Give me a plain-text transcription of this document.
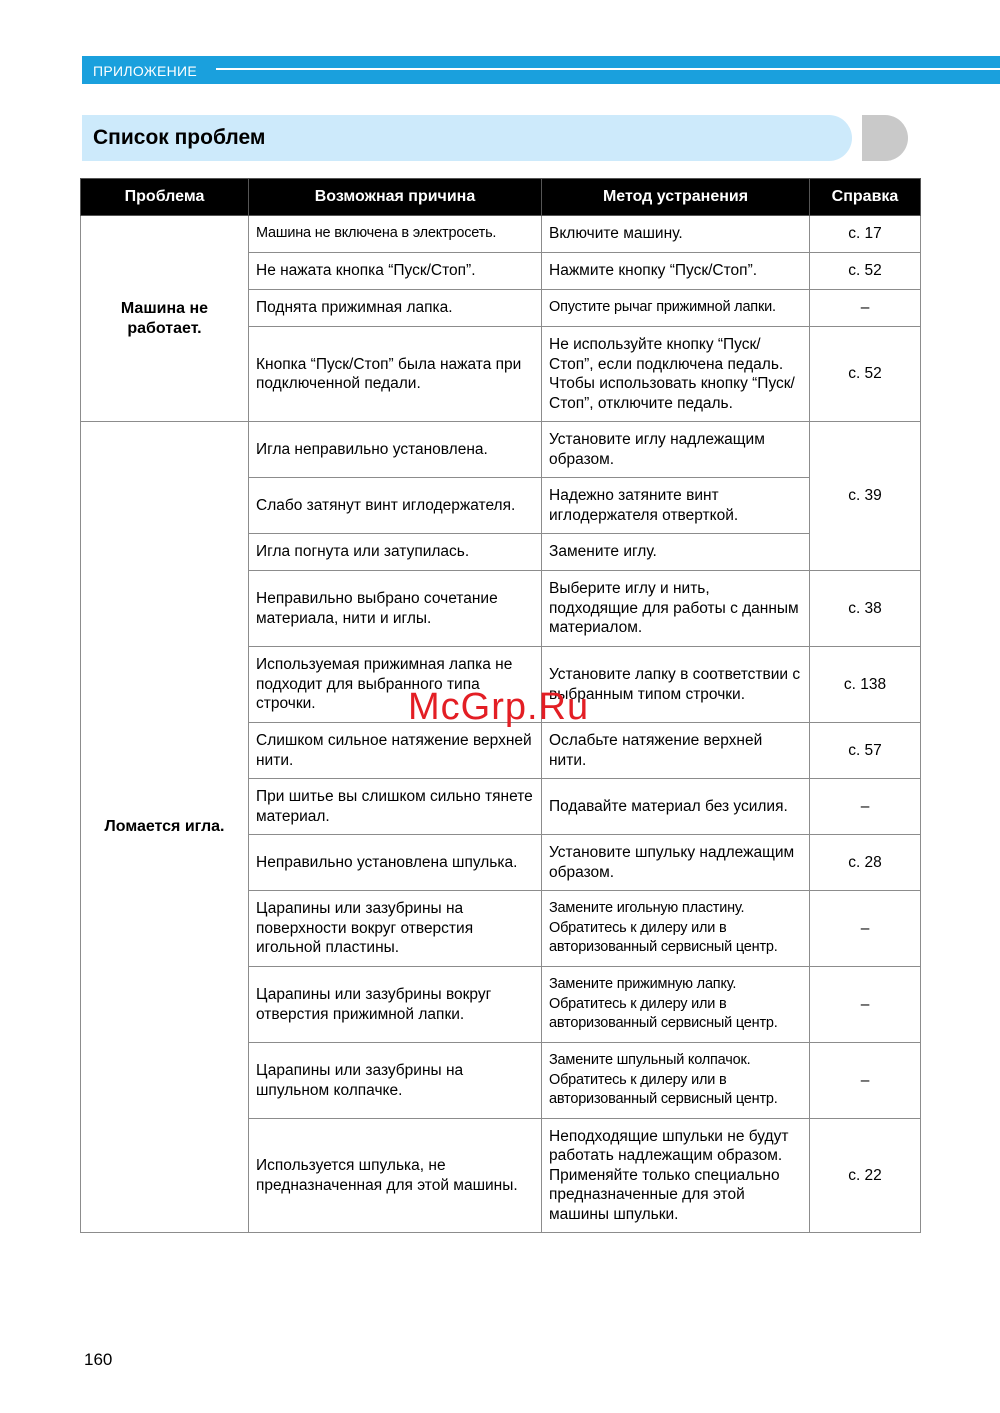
ПРИЛОЖЕНИЕ
Список проблем
Проблема	Возможная причина	Метод устранения	Справка
Машина не работает.	Машина не включена в электросеть.	Включите машину.	с. 17
	Не нажата кнопка “Пуск/Стоп”.	Нажмите кнопку “Пуск/Стоп”.	с. 52
	Поднята прижимная лапка.	Опустите рычаг прижимной лапки.	–
	Кнопка “Пуск/Стоп” была нажата при подключенной педали.	Не используйте кнопку “Пуск/ Стоп”, если подключена педаль. Чтобы использовать кнопку “Пуск/Стоп”, отключите педаль.	с. 52
Ломается игла.	Игла неправильно установлена.	Установите иглу надлежащим образом.	с. 39
	Слабо затянут винт иглодержателя.	Надежно затяните винт иглодержателя отверткой.	
	Игла погнута или затупилась.	Замените иглу.	
	Неправильно выбрано сочетание материала, нити и иглы.	Выберите иглу и нить, подходящие для работы с данным материалом.	с. 38
	Используемая прижимная лапка не подходит для выбранного типа строчки.	Установите лапку в соответствии с выбранным типом строчки.	с. 138
	Слишком сильное натяжение верхней нити.	Ослабьте натяжение верхней нити.	с. 57
	При шитье вы слишком сильно тянете материал.	Подавайте материал без усилия.	–
	Неправильно установлена шпулька.	Установите шпульку надлежащим образом.	с. 28
	Царапины или зазубрины на поверхности вокруг отверстия игольной пластины.	Замените игольную пластину. Обратитесь к дилеру или в авторизованный сервисный центр.	–
	Царапины или зазубрины вокруг отверстия прижимной лапки.	Замените прижимную лапку. Обратитесь к дилеру или в авторизованный сервисный центр.	–
	Царапины или зазубрины на шпульном колпачке.	Замените шпульный колпачок. Обратитесь к дилеру или в авторизованный сервисный центр.	–
	Используется шпулька, не предназначенная для этой машины.	Неподходящие шпульки не будут работать надлежащим образом. Применяйте только специально предназначенные для этой машины шпульки.	с. 22
McGrp.Ru
160
